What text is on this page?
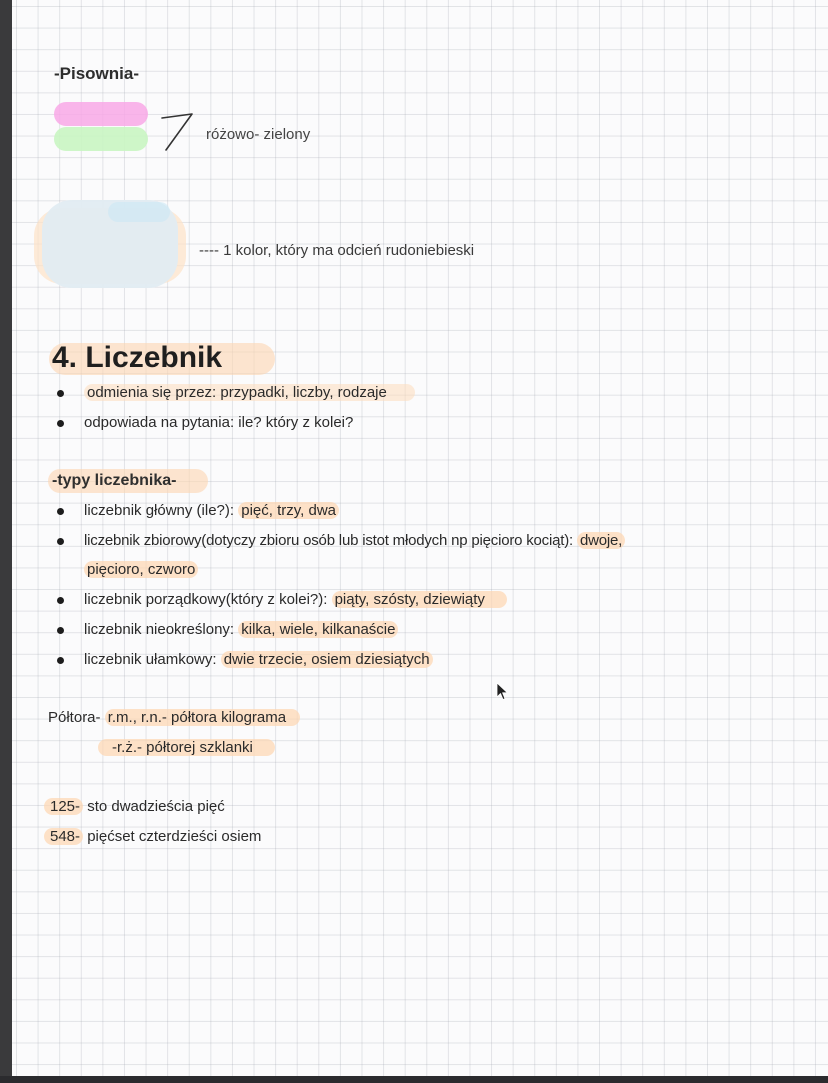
-Pisownia-
różowo- zielony
---- 1 kolor, który ma odcień rudoniebieski
4. Liczebnik
odmienia się przez: przypadki, liczby, rodzaje
odpowiada na pytania: ile? który z kolei?
-typy liczebnika-
liczebnik główny (ile?): pięć, trzy, dwa
liczebnik zbiorowy(dotyczy zbioru osób lub istot młodych np pięcioro kociąt): dwoje,
pięcioro, czworo
liczebnik porządkowy(który z kolei?): piąty, szósty, dziewiąty
liczebnik nieokreślony: kilka, wiele, kilkanaście
liczebnik ułamkowy: dwie trzecie, osiem dziesiątych
Półtora- r.m., r.n.- półtora kilograma
-r.ż.- półtorej szklanki
125- sto dwadzieścia pięć
548- pięćset czterdzieści osiem
